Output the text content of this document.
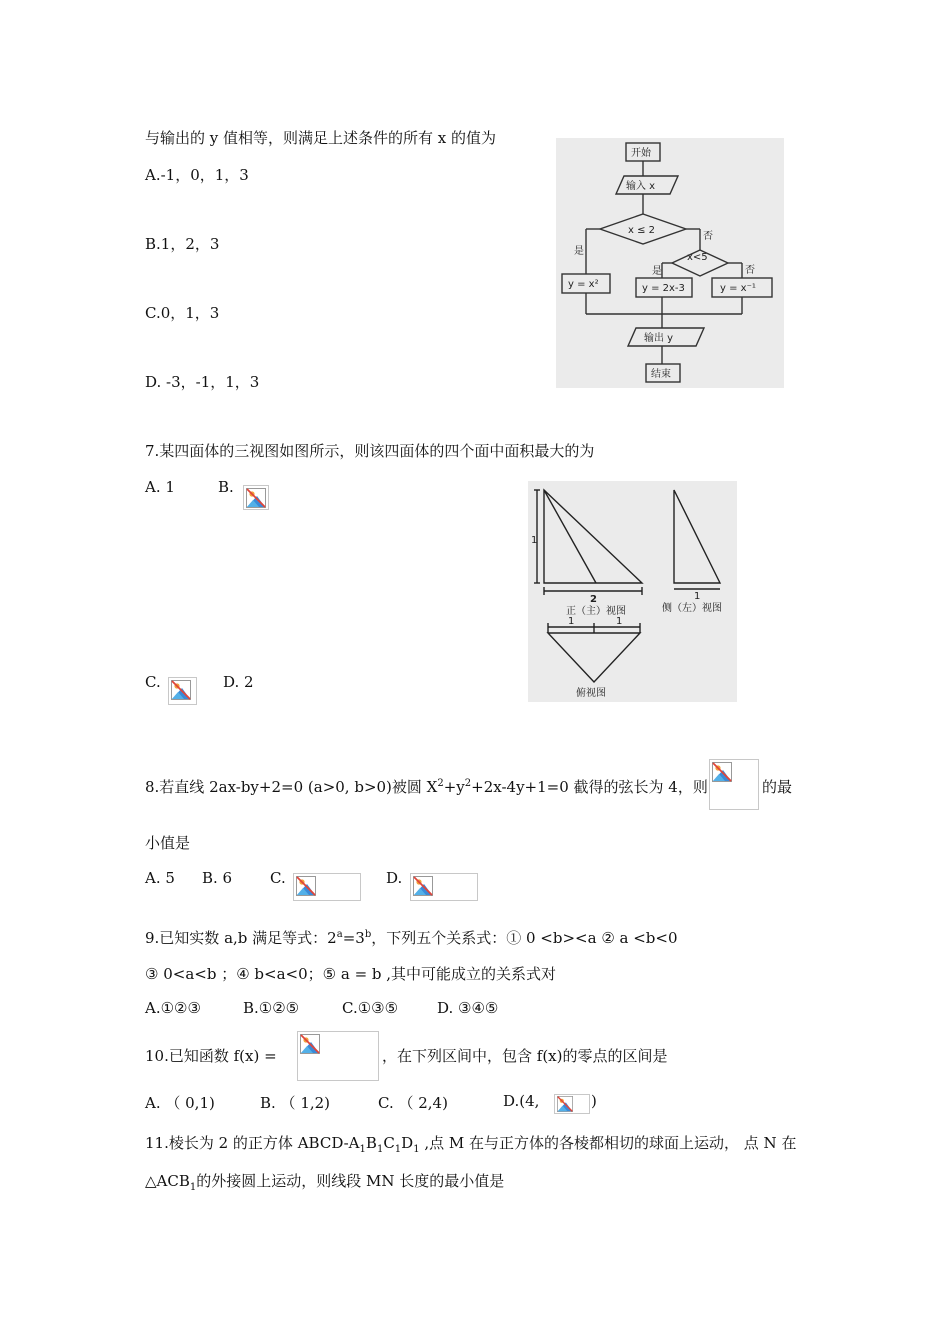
与输出的 y 值相等，则满足上述条件的所有 x 的值为
A.-1，0，1，3
B.1，2，3
C.0，1，3
D. -3，-1，1，3
开始
输入 x
x ≤ 2
x<5
是
否
是	否
y = x²	y = 2x-3	y = x⁻¹
输出 y
结束
7.某四面体的三视图如图所示，则该四面体的四个面中面积最大的为
A. 1	B.
C.	D. 2
1
2
正（主）视图
1
侧（左）视图
1	1
俯视图
8.若直线 2ax-by+2=0 (a>0, b>0)被圆 $X^2+y^2+2x-4y+1=0$ 截得的弦长为 4，则	的最
小值是
A. 5 B. 6	C.	D.
9.已知实数 a,b 满足等式：$2^a=3^b$，下列五个关系式：① 0 <b><a ② a <b<0
③ 0<a<b ；④ b<a<0；⑤ a = b ,其中可能成立的关系式对
A.①②③	B.①②⑤	C.①③⑤	D. ③④⑤
10.已知函数 f(x) =	，在下列区间中，包含 f(x)的零点的区间是
A. （ 0,1)	B. （ 1,2)	C. （ 2,4)	D.(4,	)
11.棱长为 2 的正方体 ABCD-$A_1B_1C_1D_1$ ,点 M 在与正方体的各棱都相切的球面上运动， 点 N 在
$\triangle ACB_1$的外接圆上运动，则线段 MN 长度的最小值是
